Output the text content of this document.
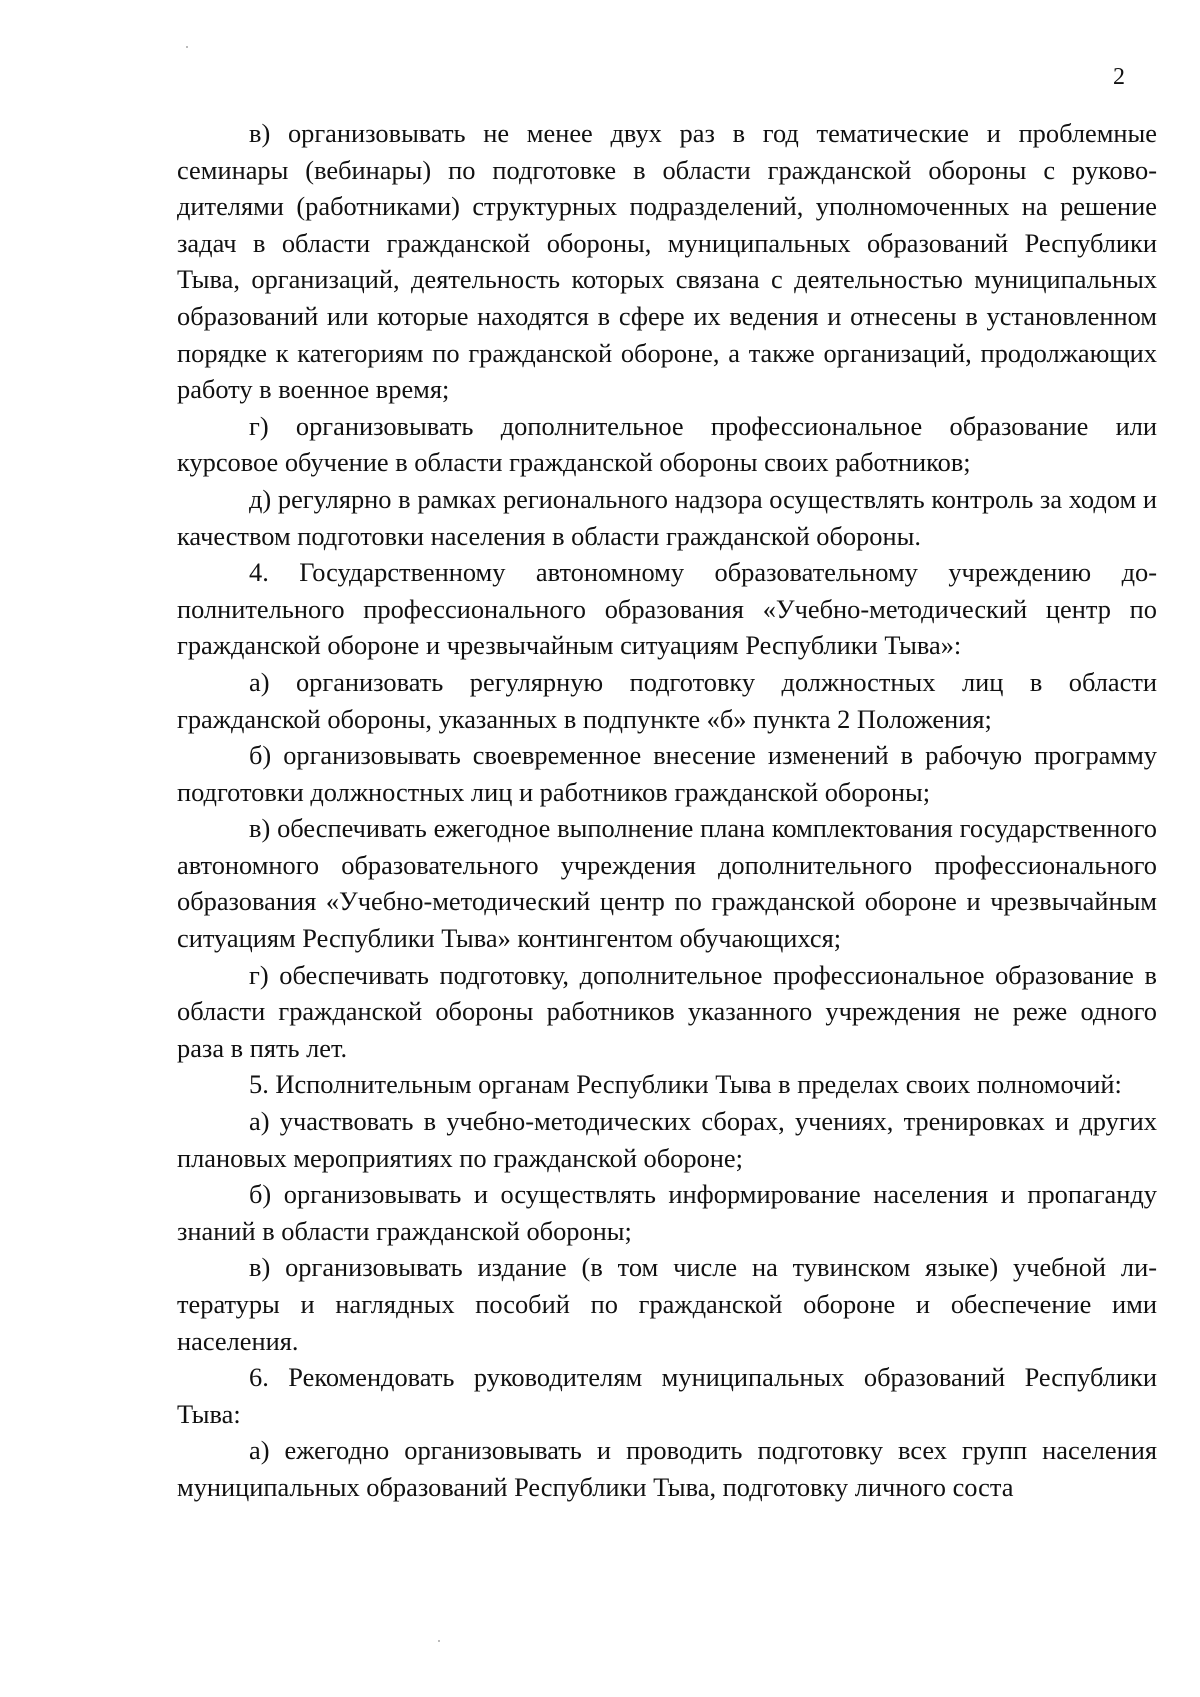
2

в) организовывать не менее двух раз в год тематические и проблемные семинары (вебинары) по подготовке в области гражданской обороны с руководителями (работниками) структурных подразделений, уполномоченных на решение задач в области гражданской обороны, муниципальных образований Республики Тыва, организаций, деятельность которых связана с деятельностью муниципальных образований или которые находятся в сфере их ведения и отнесены в установленном порядке к категориям по гражданской обороне, а также организаций, продолжающих работу в военное время;

г) организовывать дополнительное профессиональное образование или курсовое обучение в области гражданской обороны своих работников;

д) регулярно в рамках регионального надзора осуществлять контроль за ходом и качеством подготовки населения в области гражданской обороны.

4. Государственному автономному образовательному учреждению дополнительного профессионального образования «Учебно-методический центр по гражданской обороне и чрезвычайным ситуациям Республики Тыва»:

а) организовать регулярную подготовку должностных лиц в области гражданской обороны, указанных в подпункте «б» пункта 2 Положения;

б) организовывать своевременное внесение изменений в рабочую программу подготовки должностных лиц и работников гражданской обороны;

в) обеспечивать ежегодное выполнение плана комплектования государственного автономного образовательного учреждения дополнительного профессионального образования «Учебно-методический центр по гражданской обороне и чрезвычайным ситуациям Республики Тыва» контингентом обучающихся;

г) обеспечивать подготовку, дополнительное профессиональное образование в области гражданской обороны работников указанного учреждения не реже одного раза в пять лет.

5. Исполнительным органам Республики Тыва в пределах своих полномочий:

а) участвовать в учебно-методических сборах, учениях, тренировках и других плановых мероприятиях по гражданской обороне;

б) организовывать и осуществлять информирование населения и пропаганду знаний в области гражданской обороны;

в) организовывать издание (в том числе на тувинском языке) учебной литературы и наглядных пособий по гражданской обороне и обеспечение ими населения.

6. Рекомендовать руководителям муниципальных образований Республики Тыва:

а) ежегодно организовывать и проводить подготовку всех групп населения муниципальных образований Республики Тыва, подготовку личного соста
